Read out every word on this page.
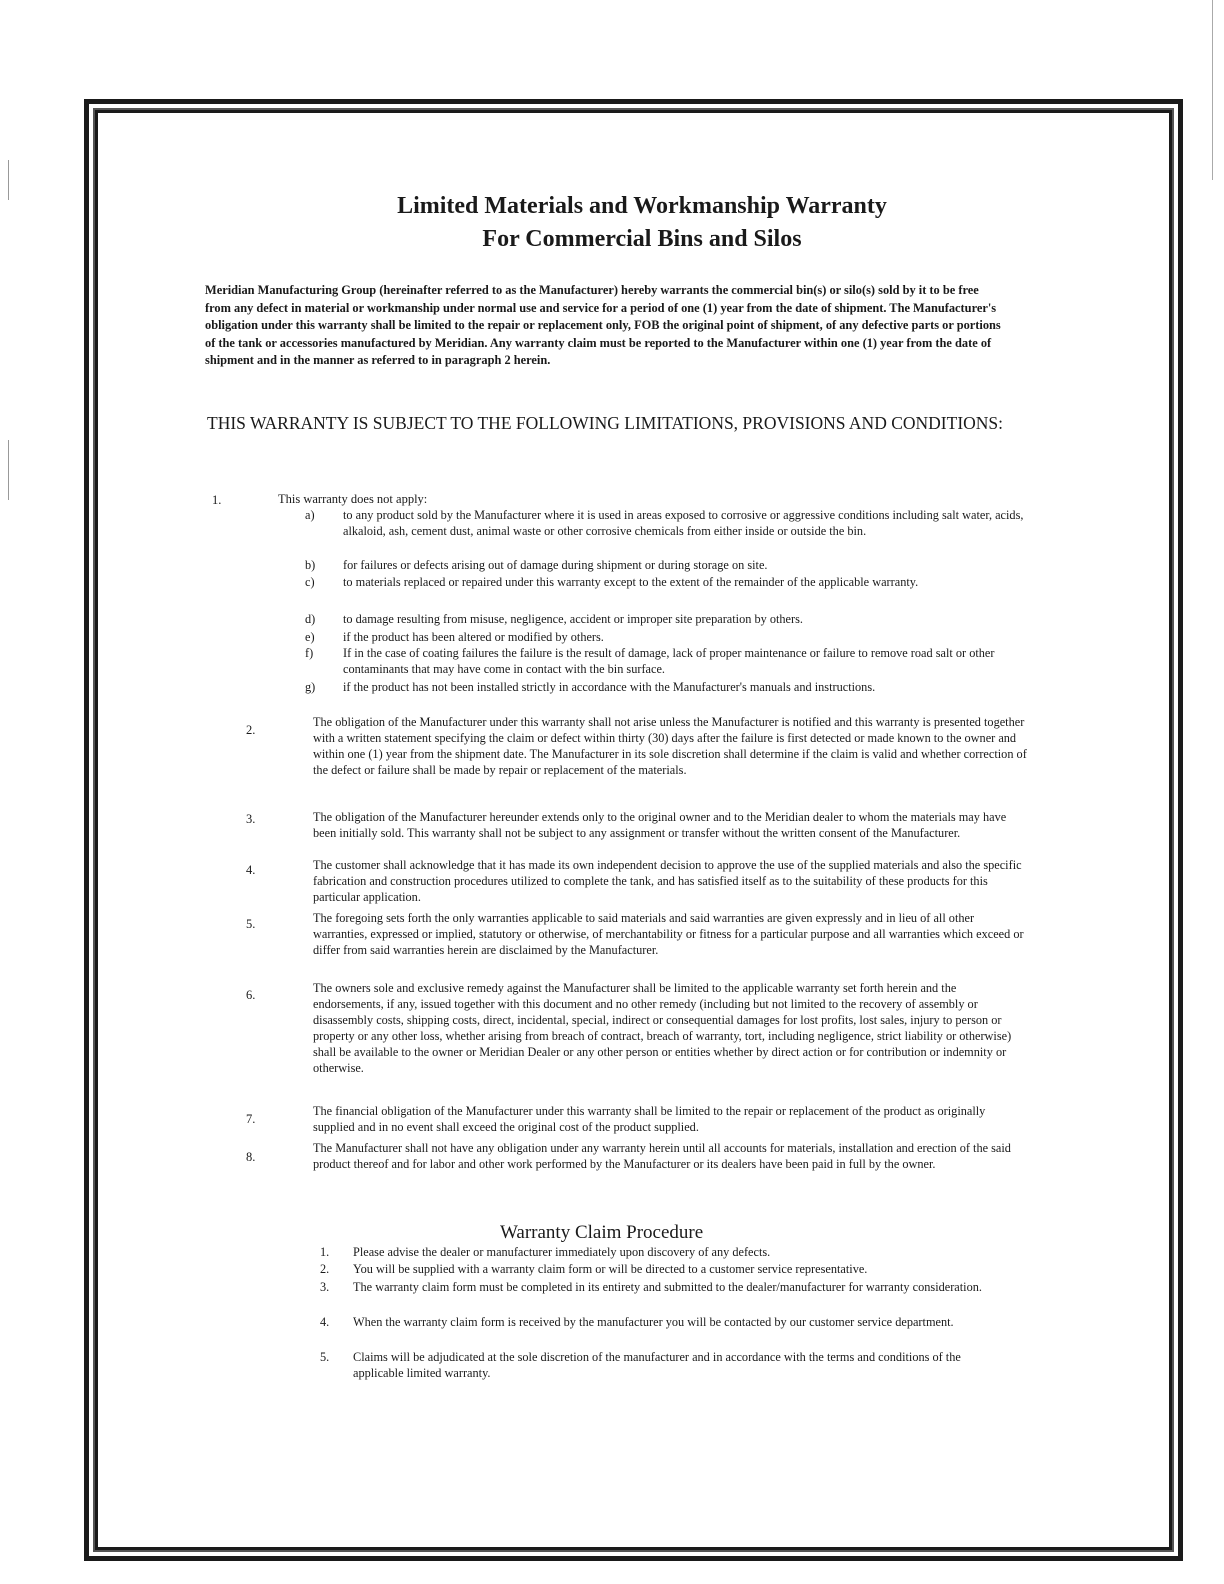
Limited Materials and Workmanship Warranty
For Commercial Bins and Silos

Meridian Manufacturing Group (hereinafter referred to as the Manufacturer) hereby warrants the commercial bin(s) or silo(s) sold by it to be free from any defect in material or workmanship under normal use and service for a period of one (1) year from the date of shipment. The Manufacturer's obligation under this warranty shall be limited to the repair or replacement only, FOB the original point of shipment, of any defective parts or portions of the tank or accessories manufactured by Meridian. Any warranty claim must be reported to the Manufacturer within one (1) year from the date of shipment and in the manner as referred to in paragraph 2 herein.

THIS WARRANTY IS SUBJECT TO THE FOLLOWING LIMITATIONS, PROVISIONS AND CONDITIONS:
1.	This warranty does not apply:
a)	to any product sold by the Manufacturer where it is used in areas exposed to corrosive or aggressive conditions including salt water, acids, alkaloid, ash, cement dust, animal waste or other corrosive chemicals from either inside or outside the bin.
b)	for failures or defects arising out of damage during shipment or during storage on site.
c)	to materials replaced or repaired under this warranty except to the extent of the remainder of the applicable warranty.
d)	to damage resulting from misuse, negligence, accident or improper site preparation by others.
e)	if the product has been altered or modified by others.
f)	If in the case of coating failures the failure is the result of damage, lack of proper maintenance or failure to remove road salt or other contaminants that may have come in contact with the bin surface.
g)	if the product has not been installed strictly in accordance with the Manufacturer's manuals and instructions.
2.
The obligation of the Manufacturer under this warranty shall not arise unless the Manufacturer is notified and this warranty is presented together with a written statement specifying the claim or defect within thirty (30) days after the failure is first detected or made known to the owner and within one (1) year from the shipment date. The Manufacturer in its sole discretion shall determine if the claim is valid and whether correction of the defect or failure shall be made by repair or replacement of the materials.
3.	The obligation of the Manufacturer hereunder extends only to the original owner and to the Meridian dealer to whom the materials may have been initially sold. This warranty shall not be subject to any assignment or transfer without the written consent of the Manufacturer.
4.	The customer shall acknowledge that it has made its own independent decision to approve the use of the supplied materials and also the specific fabrication and construction procedures utilized to complete the tank, and has satisfied itself as to the suitability of these products for this particular application.
5.	The foregoing sets forth the only warranties applicable to said materials and said warranties are given expressly and in lieu of all other warranties, expressed or implied, statutory or otherwise, of merchantability or fitness for a particular purpose and all warranties which exceed or differ from said warranties herein are disclaimed by the Manufacturer.
6.	The owners sole and exclusive remedy against the Manufacturer shall be limited to the applicable warranty set forth herein and the endorsements, if any, issued together with this document and no other remedy (including but not limited to the recovery of assembly or disassembly costs, shipping costs, direct, incidental, special, indirect or consequential damages for lost profits, lost sales, injury to person or property or any other loss, whether arising from breach of contract, breach of warranty, tort, including negligence, strict liability or otherwise) shall be available to the owner or Meridian Dealer or any other person or entities whether by direct action or for contribution or indemnity or otherwise.
7.
The financial obligation of the Manufacturer under this warranty shall be limited to the repair or replacement of the product as originally supplied and in no event shall exceed the original cost of the product supplied.
8.
The Manufacturer shall not have any obligation under any warranty herein until all accounts for materials, installation and erection of the said product thereof and for labor and other work performed by the Manufacturer or its dealers have been paid in full by the owner.
Warranty Claim Procedure
1.	Please advise the dealer or manufacturer immediately upon discovery of any defects.
2.	You will be supplied with a warranty claim form or will be directed to a customer service representative.
3.	The warranty claim form must be completed in its entirety and submitted to the dealer/manufacturer for warranty consideration.
4.	When the warranty claim form is received by the manufacturer you will be contacted by our customer service department.
5.	Claims will be adjudicated at the sole discretion of the manufacturer and in accordance with the terms and conditions of the applicable limited warranty.
